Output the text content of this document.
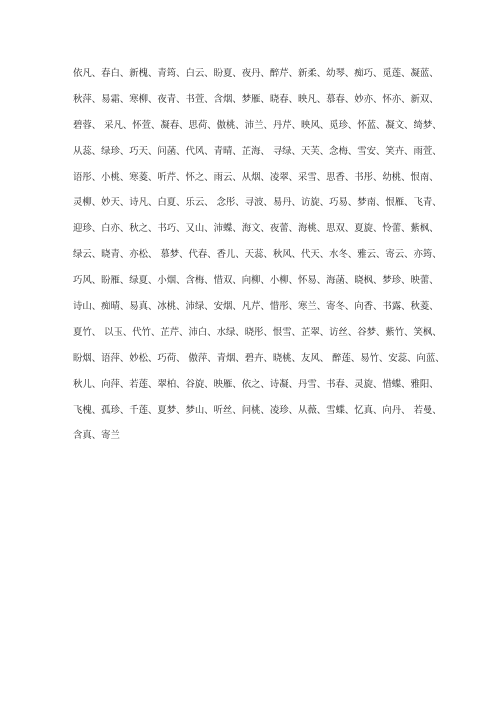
依凡、春白、新槐、青筠、白云、盼夏、夜丹、醉芹、新柔、幼琴、痴巧、觅莲、凝蓝、
秋萍、易霜、寒柳、夜青、书萱、含烟、梦雁、晓春、映凡、慕春、妙亦、怀亦、新双、
碧蓉、 采凡、怀萱、凝春、思荷、傲桃、沛兰、丹芹、映风、觅珍、怀蓝、凝文、绮梦、
从蕊、绿珍、巧天、问菡、代风、青晴、芷海、 寻绿、天芙、念梅、雪安、笑卉、雨萱、
语彤、小桃、寒菱、听芹、怀之、雨云、从烟、凌翠、采雪、思香、书彤、幼桃、恨南、
灵柳、妙天、诗凡、白夏、乐云、 念彤、寻波、易丹、访旋、巧易、梦南、恨雁、飞青、
迎珍、白亦、秋之、书巧、又山、沛蝶、海文、夜蕾、海桃、思双、夏旋、怜蕾、紫枫、
绿云、晓青、亦松、 慕梦、代春、香儿、天蕊、秋风、代天、水冬、雅云、寄云、亦筠、
巧风、盼雁、绿夏、小烟、含梅、惜双、向柳、小柳、怀易、海菡、晓枫、梦珍、映蕾、
诗山、痴晴、易真、冰桃、沛绿、安烟、凡芹、惜彤、寒兰、寄冬、向香、书露、秋菱、
夏竹、 以玉、代竹、芷芹、沛白、水绿、晓彤、恨雪、芷翠、访丝、谷梦、紫竹、笑枫、
盼烟、语萍、妙松、巧荷、 傲萍、青烟、碧卉、晓桃、友风、 醉莲、易竹、安蕊、向蓝、
秋儿、向萍、若莲、翠柏、谷旋、映雁、依之、诗凝、丹雪、书春、灵旋、惜蝶、雅阳、
飞槐、孤珍、千莲、夏梦、梦山、听丝、问桃、凌珍、从薇、雪蝶、忆真、向丹、 若曼、
含真、寄兰
